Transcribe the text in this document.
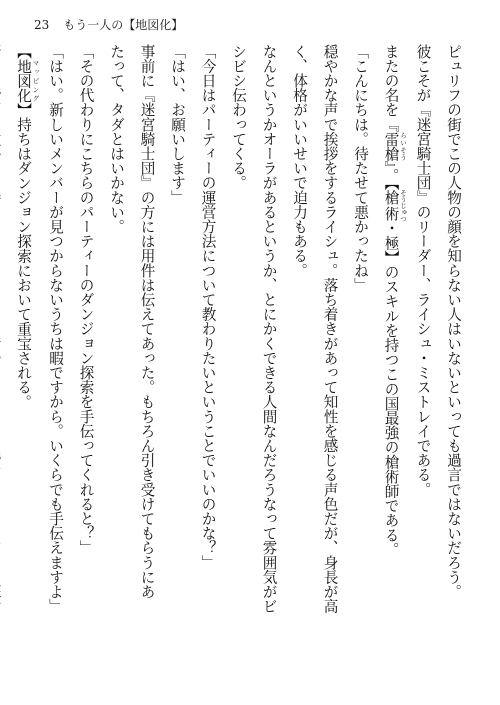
23 もう一人の【地図化】
ピュリフの街でこの人物の顔を知らない人はいないといっても過言ではないだろう。
彼こそが『迷宮騎士団』のリーダー、ライシュ・ミストレイである。
またの名を『雷槍 らいそう』。【槍術 そうじゅつ・極】のスキルを持つこの国最強の槍術師である。
「こんにちは。待たせて悪かったね」
穏やかな声で挨拶をするライシュ。落ち着きがあって知性を感じる声色だが、身長が高
く、体格がいいせいで迫力もある。
なんというかオーラがあるというか、とにかくできる人間なんだろうなって雰囲気がビ
シビシ伝わってくる。
「今日はパーティーの運営方法について教わりたいということでいいのかな？」
「はい、お願いします」
事前に『迷宮騎士団』の方には用件は伝えてあった。もちろん引き受けてもらうにあ
たって、タダとはいかない。
「その代わりにこちらのパーティーのダンジョン探索を手伝ってくれると？」
「はい。新しいメンバーが見つからないうちは暇ですから。いくらでも手伝えますよ」
【地図化 マッピング】持ちはダンジョン探索において重宝される。
